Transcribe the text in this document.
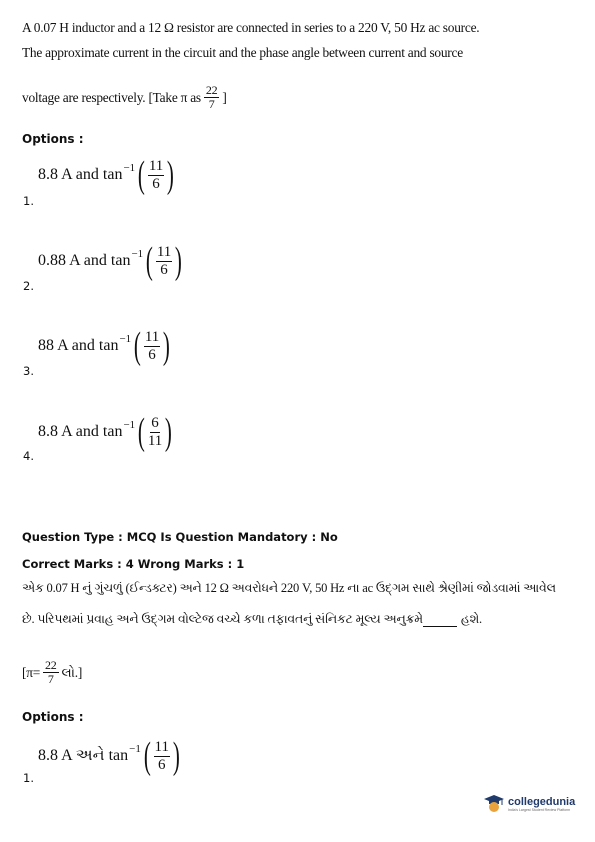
A 0.07 H inductor and a 12 Ω resistor are connected in series to a 220 V, 50 Hz ac source.
The approximate current in the circuit and the phase angle between current and source
voltage are respectively. [Take π as $\frac{22}{7}$ ]
Options :
8.8 A and tan −1 ( $\frac{11}{6}$ )
1.
0.88 A and tan −1 ( $\frac{11}{6}$ )
2.
88 A and tan −1 ( $\frac{11}{6}$ )
3.
8.8 A and tan −1 ( $\frac{6}{11}$ )
4.
Question Type : MCQ Is Question Mandatory : No
Correct Marks : 4 Wrong Marks : 1
એક 0.07 H નું ગુંચળું (ઈન્ડક્ટર) અને 12 Ω અવરોધને 220 V, 50 Hz ના ac ઉદ્ગમ સાથે શ્રેણીમાં જોડવામાં આવેલ
છે. પરિપથમાં પ્રવાહ અને ઉદ્ગમ વોલ્ટેજ વચ્ચે કળા તફાવતનું સંનિકટ મૂલ્ય અનુક્રમે	હશે.
[$\pi= \frac{22}{7}$ લો.]
Options :
8.8 A અને tan −1 ( $\frac{11}{6}$ )
1.
collegedunia
India's Largest Student Review Platform
